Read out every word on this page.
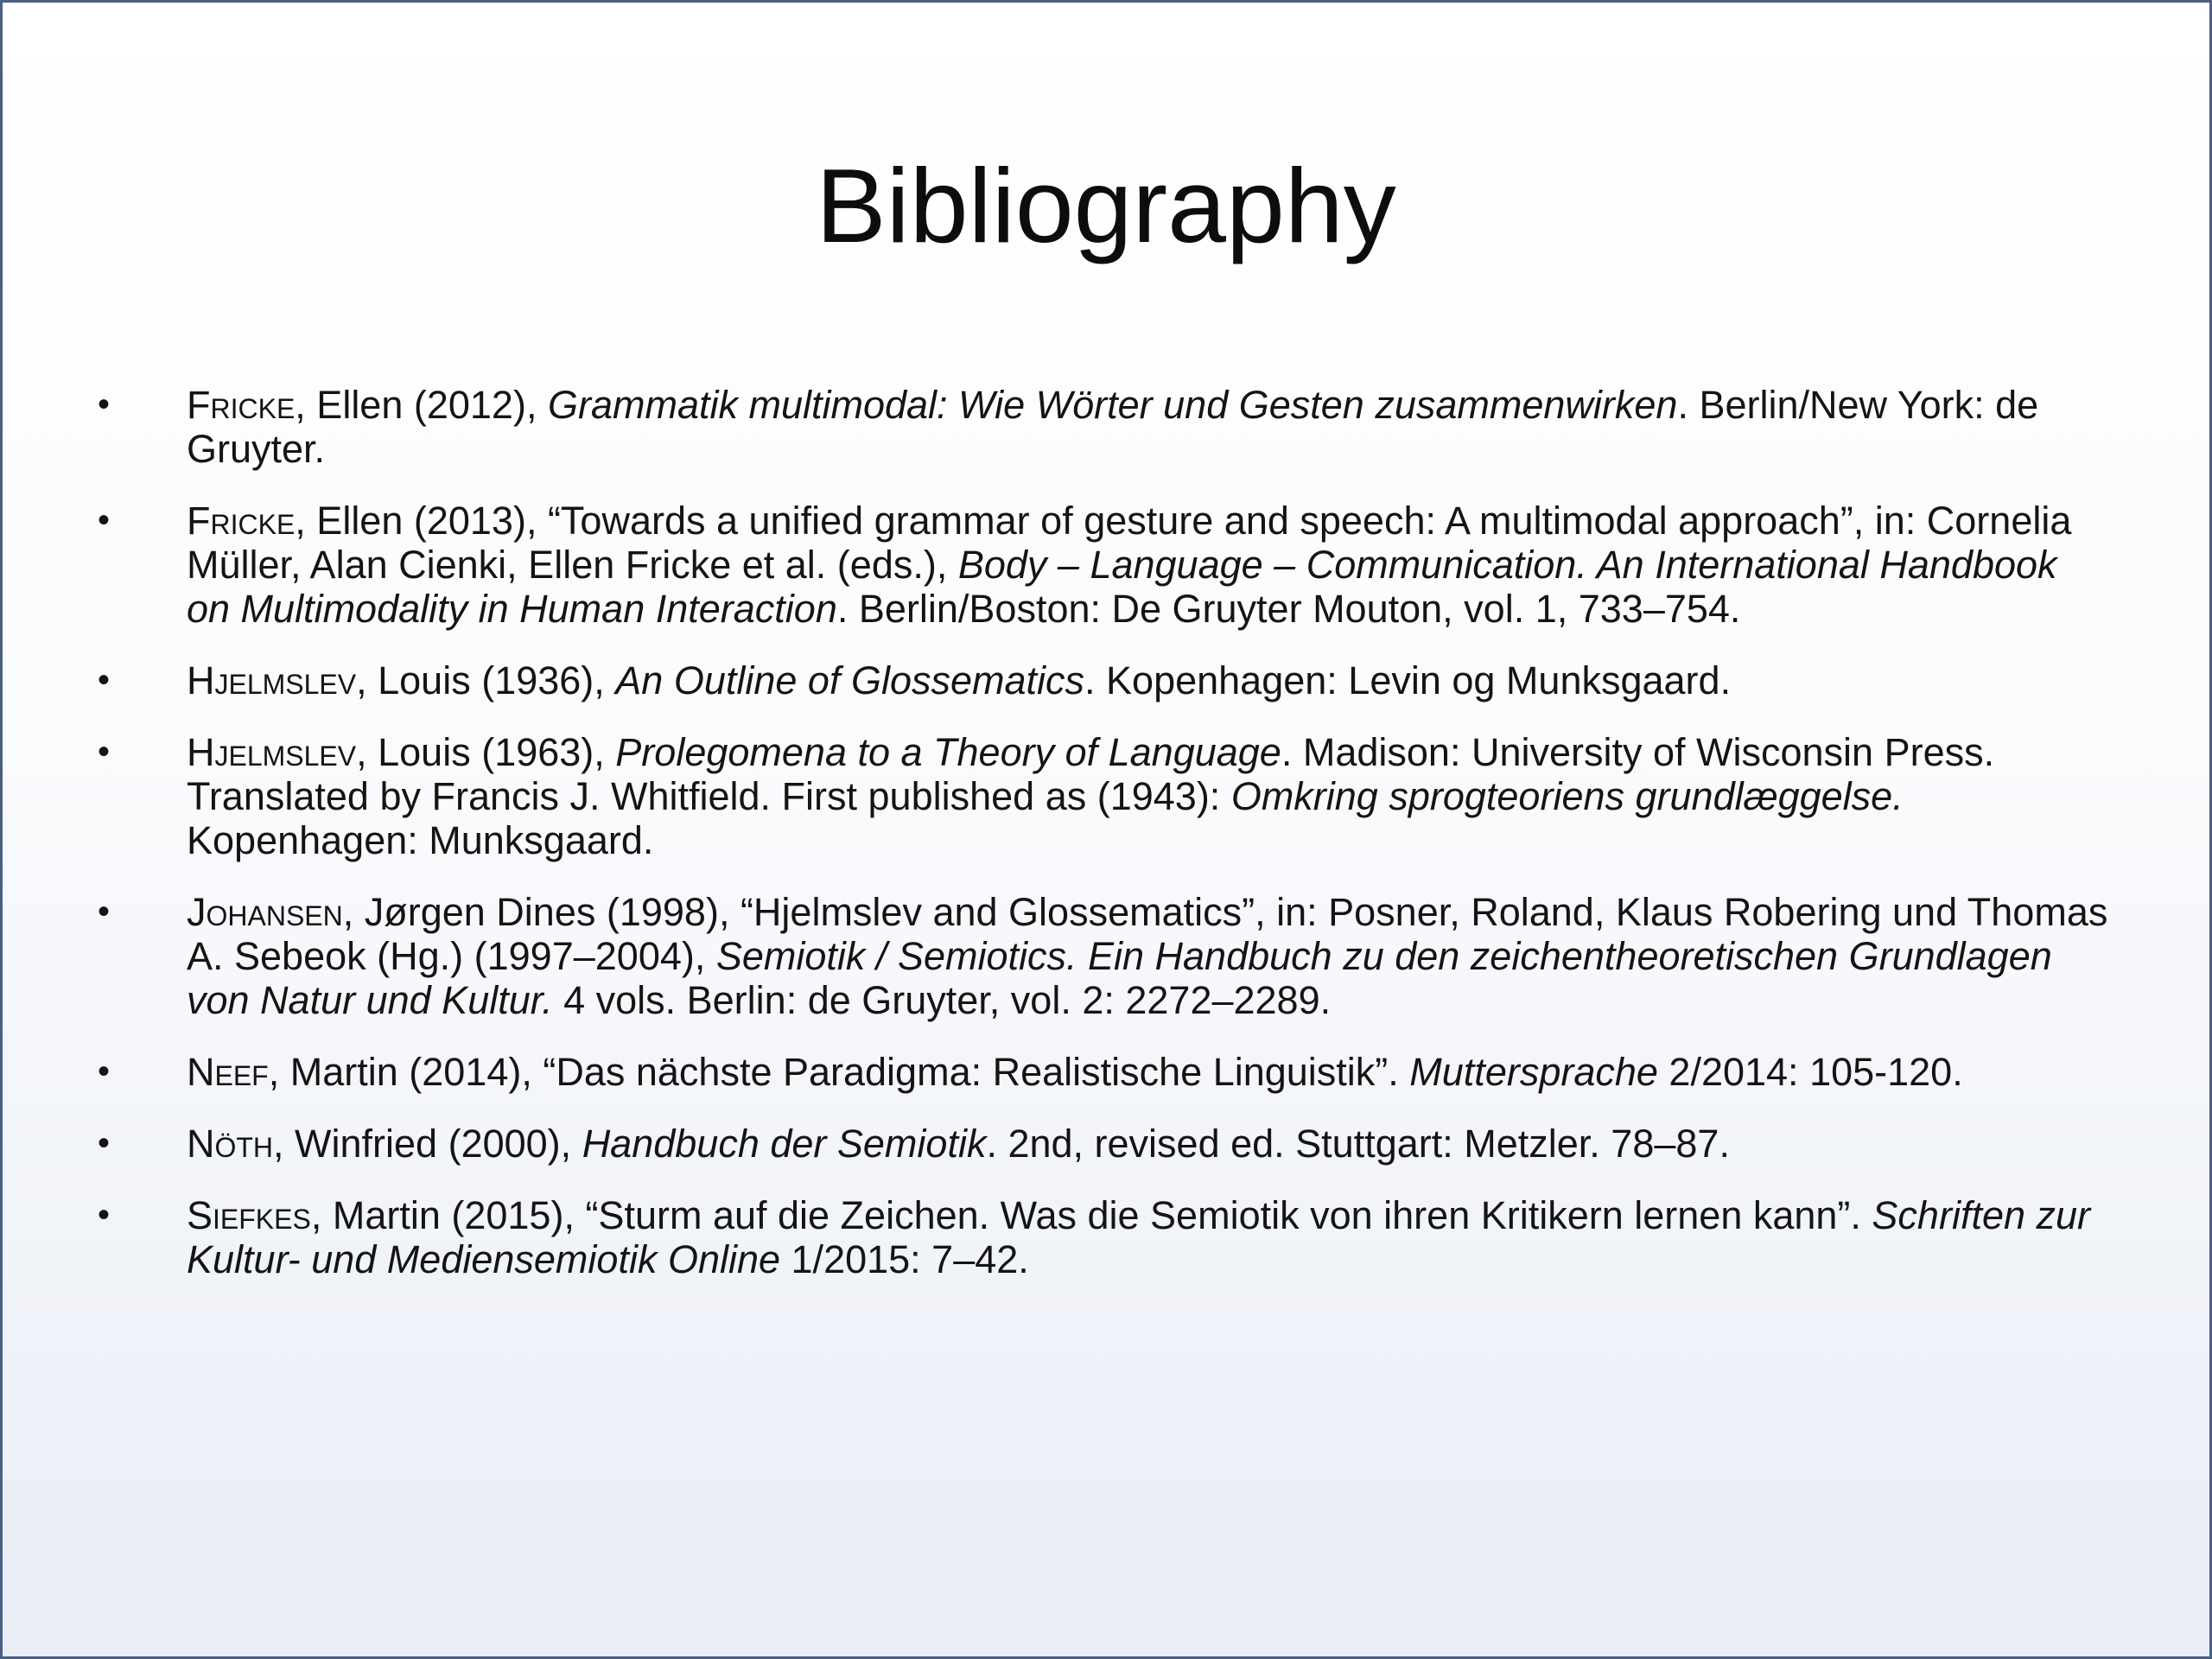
Bibliography
• Fricke, Ellen (2012), Grammatik multimodal: Wie Wörter und Gesten zusammenwirken. Berlin/New York: de Gruyter.
• Fricke, Ellen (2013), “Towards a unified grammar of gesture and speech: A multimodal approach”, in: Cornelia Müller, Alan Cienki, Ellen Fricke et al. (eds.), Body – Language – Communication. An International Handbook on Multimodality in Human Interaction. Berlin/Boston: De Gruyter Mouton, vol. 1, 733–754.
• Hjelmslev, Louis (1936), An Outline of Glossematics. Kopenhagen: Levin og Munksgaard.
• Hjelmslev, Louis (1963), Prolegomena to a Theory of Language. Madison: University of Wisconsin Press. Translated by Francis J. Whitfield. First published as (1943): Omkring sprogteoriens grundlæggelse. Kopenhagen: Munksgaard.
• Johansen, Jørgen Dines (1998), “Hjelmslev and Glossematics”, in: Posner, Roland, Klaus Robering und Thomas A. Sebeok (Hg.) (1997–2004), Semiotik / Semiotics. Ein Handbuch zu den zeichentheoretischen Grundlagen von Natur und Kultur. 4 vols. Berlin: de Gruyter, vol. 2: 2272–2289.
• Neef, Martin (2014), “Das nächste Paradigma: Realistische Linguistik”. Muttersprache 2/2014: 105-120.
• Nöth, Winfried (2000), Handbuch der Semiotik. 2nd, revised ed. Stuttgart: Metzler. 78–87.
• Siefkes, Martin (2015), “Sturm auf die Zeichen. Was die Semiotik von ihren Kritikern lernen kann”. Schriften zur Kultur- und Mediensemiotik Online 1/2015: 7–42.
